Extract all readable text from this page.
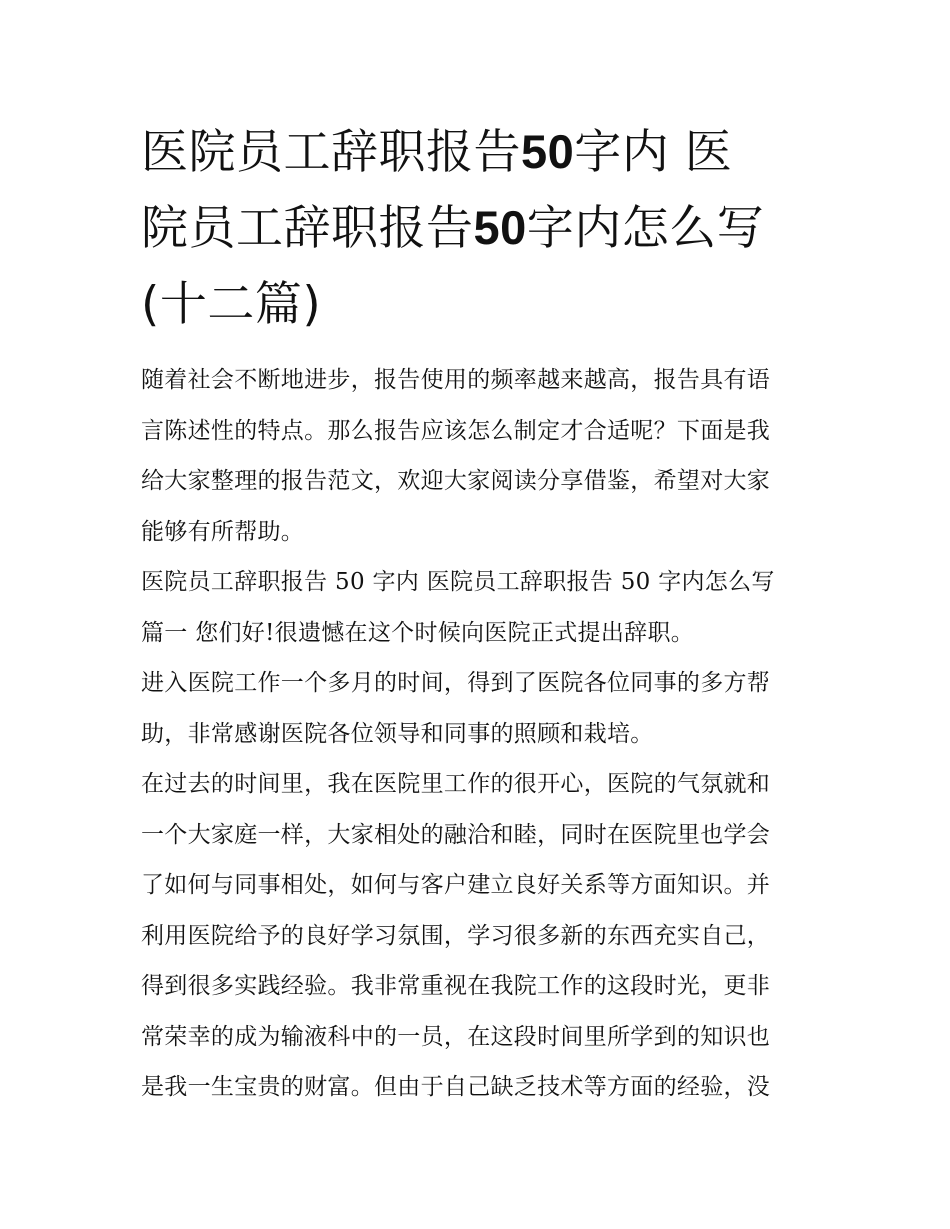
医院员工辞职报告50字内 医
院员工辞职报告50字内怎么写
(十二篇)

随着社会不断地进步，报告使用的频率越来越高，报告具有语
言陈述性的特点。那么报告应该怎么制定才合适呢？下面是我
给大家整理的报告范文，欢迎大家阅读分享借鉴，希望对大家
能够有所帮助。

医院员工辞职报告 50 字内 医院员工辞职报告 50 字内怎么写

篇一 您们好!很遗憾在这个时候向医院正式提出辞职。

进入医院工作一个多月的时间，得到了医院各位同事的多方帮
助，非常感谢医院各位领导和同事的照顾和栽培。

在过去的时间里，我在医院里工作的很开心，医院的气氛就和
一个大家庭一样，大家相处的融洽和睦，同时在医院里也学会
了如何与同事相处，如何与客户建立良好关系等方面知识。并
利用医院给予的良好学习氛围，学习很多新的东西充实自己，
得到很多实践经验。我非常重视在我院工作的这段时光，更非
常荣幸的成为输液科中的一员，在这段时间里所学到的知识也
是我一生宝贵的财富。但由于自己缺乏技术等方面的经验，没
